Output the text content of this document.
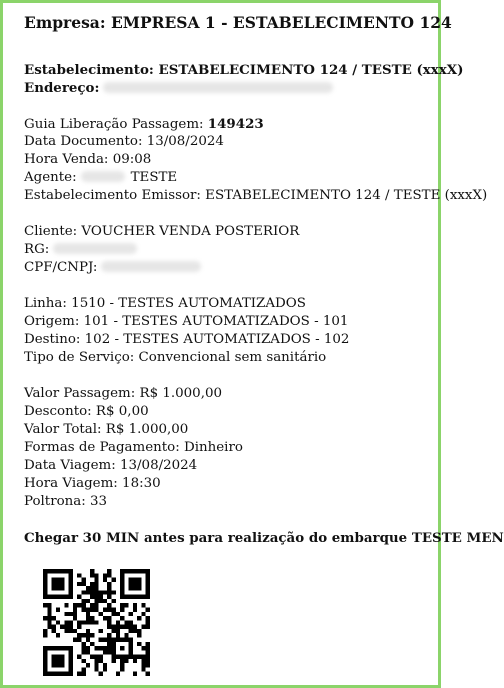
Empresa: EMPRESA 1 - ESTABELECIMENTO 124
Estabelecimento: ESTABELECIMENTO 124 / TESTE (xxxX)
Endereço:
Guia Liberação Passagem: 149423
Data Documento: 13/08/2024
Hora Venda: 09:08
Agente:	TESTE
Estabelecimento Emissor: ESTABELECIMENTO 124 / TESTE (xxxX)
Cliente: VOUCHER VENDA POSTERIOR
RG:
CPF/CNPJ:
Linha: 1510 - TESTES AUTOMATIZADOS
Origem: 101 - TESTES AUTOMATIZADOS - 101
Destino: 102 - TESTES AUTOMATIZADOS - 102
Tipo de Serviço: Convencional sem sanitário
Valor Passagem: R$ 1.000,00
Desconto: R$ 0,00
Valor Total: R$ 1.000,00
Formas de Pagamento: Dinheiro
Data Viagem: 13/08/2024
Hora Viagem: 18:30
Poltrona: 33
Chegar 30 MIN antes para realização do embarque TESTE MEN
